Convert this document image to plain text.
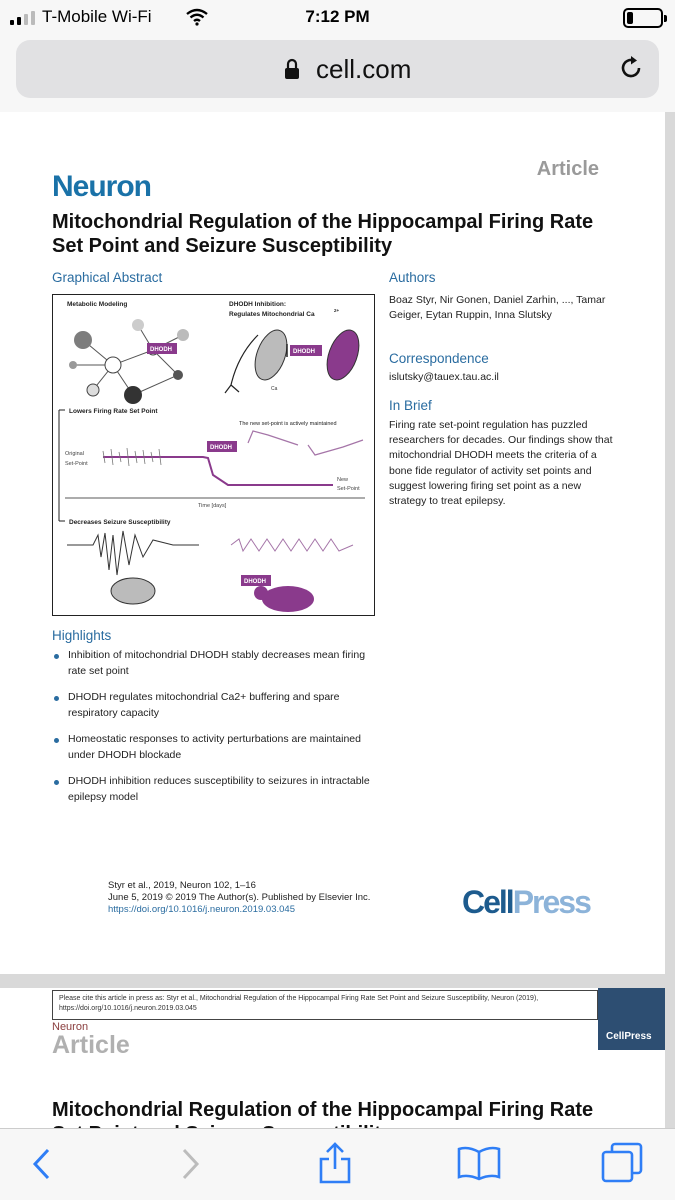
T-Mobile Wi-Fi	7:12 PM
cell.com
Article
Neuron
Mitochondrial Regulation of the Hippocampal Firing Rate Set Point and Seizure Susceptibility
Graphical Abstract
Metabolic Modeling	DHODH Inhibition:
Regulates Mitochondrial Ca
2+
DHODH	DHODH
Ca
Lowers Firing Rate Set Point
The new set-point is actively maintained
Original
Set-Point
DHODH
New
Set-Point
Time [days]
Decreases Seizure Susceptibility
DHODH
Authors
Boaz Styr, Nir Gonen, Daniel Zarhin, ..., Tamar Geiger, Eytan Ruppin, Inna Slutsky
Correspondence
islutsky@tauex.tau.ac.il
In Brief
Firing rate set-point regulation has puzzled researchers for decades. Our findings show that mitochondrial DHODH meets the criteria of a bone fide regulator of activity set points and suggest lowering firing set point as a new strategy to treat epilepsy.
Highlights
Inhibition of mitochondrial DHODH stably decreases mean firing rate set point
DHODH regulates mitochondrial Ca2+ buffering and spare respiratory capacity
Homeostatic responses to activity perturbations are maintained under DHODH blockade
DHODH inhibition reduces susceptibility to seizures in intractable epilepsy model
Styr et al., 2019, Neuron 102, 1–16
June 5, 2019 © 2019 The Author(s). Published by Elsevier Inc.
https://doi.org/10.1016/j.neuron.2019.03.045	CellPress
Please cite this article in press as: Styr et al., Mitochondrial Regulation of the Hippocampal Firing Rate Set Point and Seizure Susceptibility, Neuron (2019), https://doi.org/10.1016/j.neuron.2019.03.045
CellPress
Neuron
Article
Mitochondrial Regulation of the Hippocampal Firing Rate
